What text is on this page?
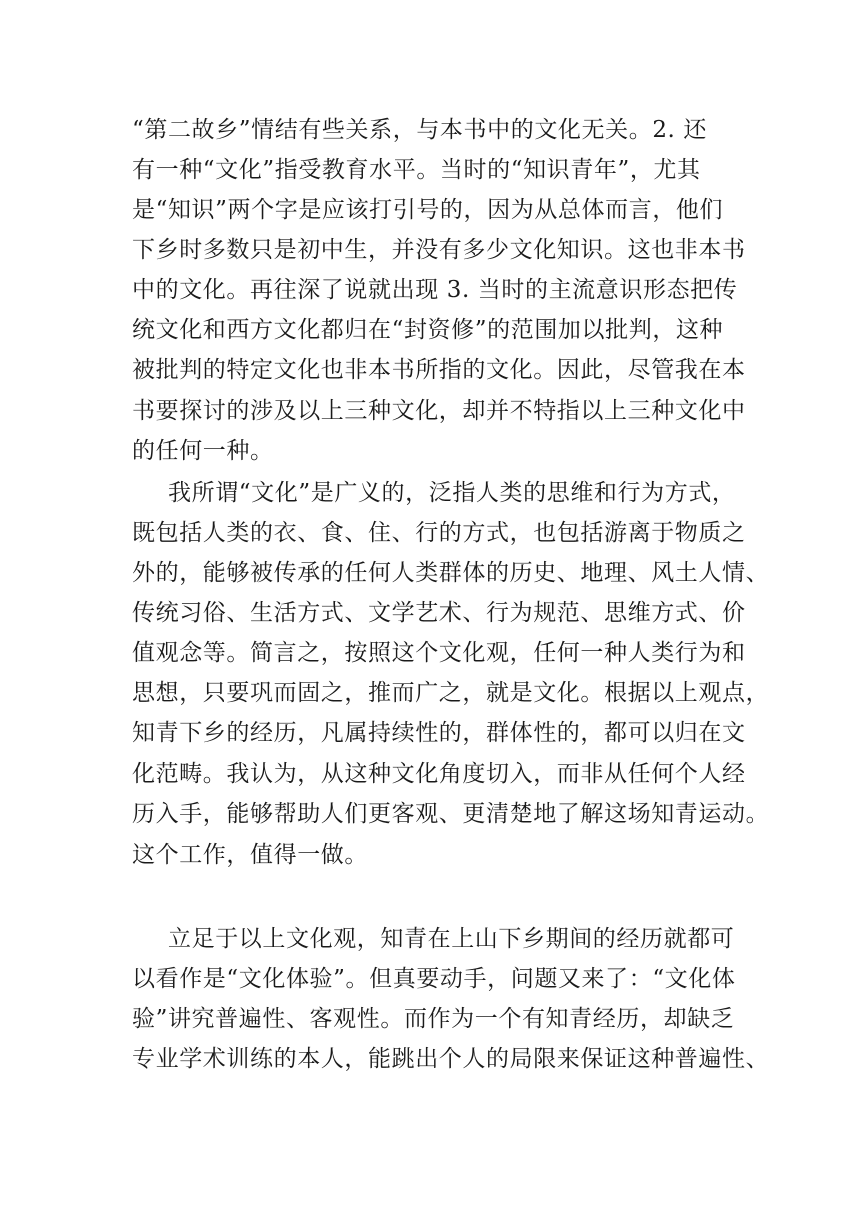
“第二故乡”情结有些关系，与本书中的文化无关。2. 还
有一种“文化”指受教育水平。当时的“知识青年”，尤其
是“知识”两个字是应该打引号的，因为从总体而言，他们
下乡时多数只是初中生，并没有多少文化知识。这也非本书
中的文化。再往深了说就出现 3. 当时的主流意识形态把传
统文化和西方文化都归在“封资修”的范围加以批判，这种
被批判的特定文化也非本书所指的文化。因此，尽管我在本
书要探讨的涉及以上三种文化，却并不特指以上三种文化中
的任何一种。
我所谓“文化”是广义的，泛指人类的思维和行为方式，
既包括人类的衣、食、住、行的方式，也包括游离于物质之
外的，能够被传承的任何人类群体的历史、地理、风土人情、
传统习俗、生活方式、文学艺术、行为规范、思维方式、价
值观念等。简言之，按照这个文化观，任何一种人类行为和
思想，只要巩而固之，推而广之，就是文化。根据以上观点，
知青下乡的经历，凡属持续性的，群体性的，都可以归在文
化范畴。我认为，从这种文化角度切入，而非从任何个人经
历入手，能够帮助人们更客观、更清楚地了解这场知青运动。
这个工作，值得一做。
立足于以上文化观，知青在上山下乡期间的经历就都可
以看作是“文化体验”。但真要动手，问题又来了：“文化体
验”讲究普遍性、客观性。而作为一个有知青经历，却缺乏
专业学术训练的本人，能跳出个人的局限来保证这种普遍性、
